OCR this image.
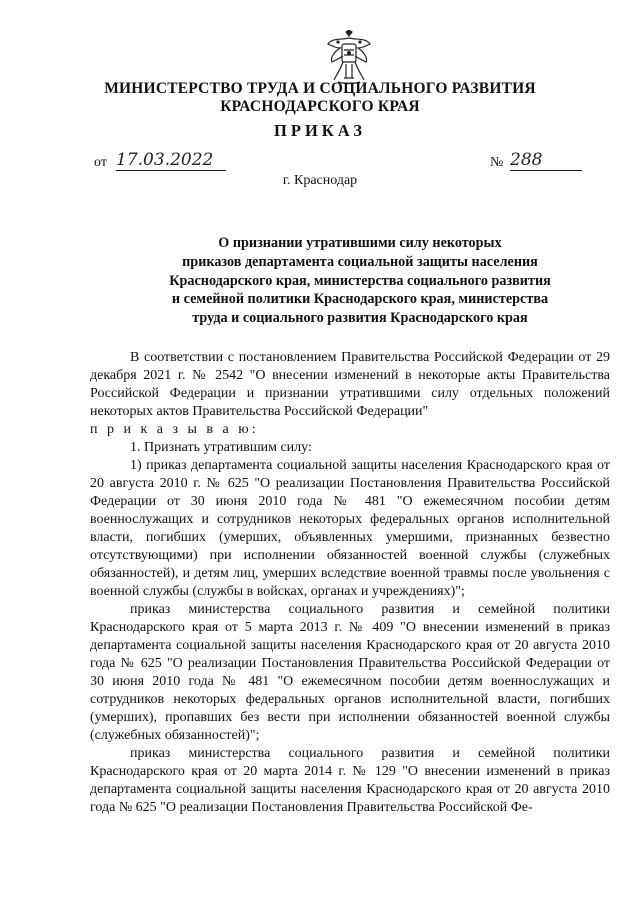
МИНИСТЕРСТВО ТРУДА И СОЦИАЛЬНОГО РАЗВИТИЯ
КРАСНОДАРСКОГО КРАЯ
ПРИКАЗ
от 17.03.2022	№ 288
г. Краснодар
О признании утратившими силу некоторых
приказов департамента социальной защиты населения
Краснодарского края, министерства социального развития
и семейной политики Краснодарского края, министерства
труда и социального развития Краснодарского края

В соответствии с постановлением Правительства Российской Федерации от 29 декабря 2021 г. № 2542 "О внесении изменений в некоторые акты Правительства Российской Федерации и признании утратившими силу отдельных положений некоторых актов Правительства Российской Федерации"

п р и к а з ы в а ю:

1. Признать утратившим силу:

1) приказ департамента социальной защиты населения Краснодарского края от 20 августа 2010 г. № 625 "О реализации Постановления Правительства Российской Федерации от 30 июня 2010 года № 481 "О ежемесячном пособии детям военнослужащих и сотрудников некоторых федеральных органов исполнительной власти, погибших (умерших, объявленных умершими, признанных безвестно отсутствующими) при исполнении обязанностей военной службы (служебных обязанностей), и детям лиц, умерших вследствие военной травмы после увольнения с военной службы (службы в войсках, органах и учреждениях)";

приказ министерства социального развития и семейной политики Краснодарского края от 5 марта 2013 г. № 409 "О внесении изменений в приказ департамента социальной защиты населения Краснодарского края от 20 августа 2010 года № 625 "О реализации Постановления Правительства Российской Федерации от 30 июня 2010 года № 481 "О ежемесячном пособии детям военнослужащих и сотрудников некоторых федеральных органов исполнительной власти, погибших (умерших), пропавших без вести при исполнении обязанностей военной службы (служебных обязанностей)";

приказ министерства социального развития и семейной политики Краснодарского края от 20 марта 2014 г. № 129 "О внесении изменений в приказ департамента социальной защиты населения Краснодарского края от 20 августа 2010 года № 625 "О реализации Постановления Правительства Российской Фе-
